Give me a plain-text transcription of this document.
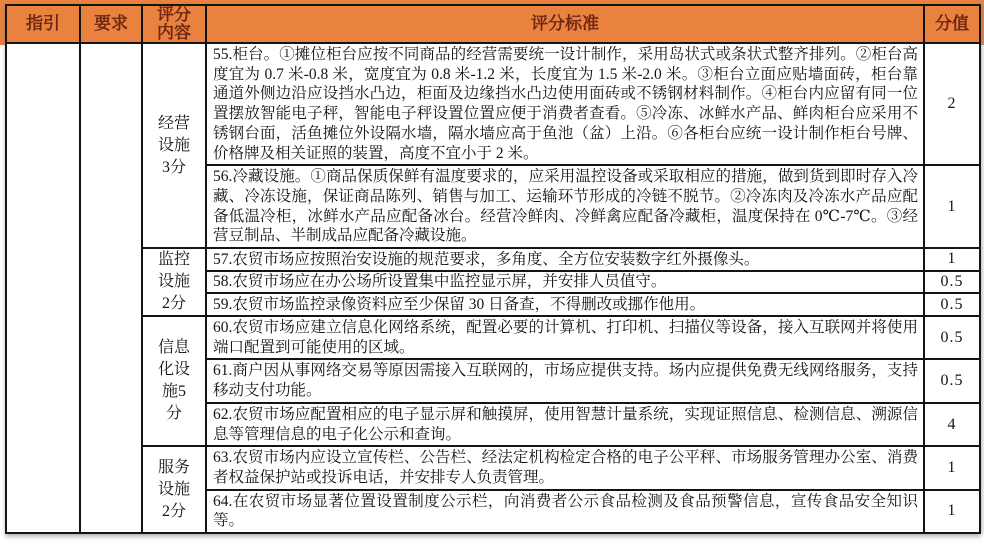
指引	要求	评分内容	评分标准	分值
		经营设施3分	55.柜台。①摊位柜台应按不同商品的经营需要统一设计制作，采用岛状式或条状式整齐排列。②柜台高度宜为 0.7 米-0.8 米，宽度宜为 0.8 米-1.2 米，长度宜为 1.5 米-2.0 米。③柜台立面应贴墙面砖，柜台靠通道外侧边沿应设挡水凸边，柜面及边缘挡水凸边使用面砖或不锈钢材料制作。④柜台内应留有同一位置摆放智能电子秤，智能电子秤设置位置应便于消费者查看。⑤冷冻、冰鲜水产品、鲜肉柜台应采用不锈钢台面，活鱼摊位外设隔水墙，隔水墙应高于鱼池（盆）上沿。⑥各柜台应统一设计制作柜台号牌、价格牌及相关证照的装置，高度不宜小于 2 米。	2
			56.冷藏设施。①商品保质保鲜有温度要求的，应采用温控设备或采取相应的措施，做到货到即时存入冷藏、冷冻设施，保证商品陈列、销售与加工、运输环节形成的冷链不脱节。②冷冻肉及冷冻水产品应配备低温冷柜，冰鲜水产品应配备冰台。经营冷鲜肉、冷鲜禽应配备冷藏柜，温度保持在 0℃-7℃。③经营豆制品、半制成品应配备冷藏设施。	1
		监控设施2分	57.农贸市场应按照治安设施的规范要求，多角度、全方位安装数字红外摄像头。	1
			58.农贸市场应在办公场所设置集中监控显示屏，并安排人员值守。	0.5
			59.农贸市场监控录像资料应至少保留 30 日备查，不得删改或挪作他用。	0.5
		信息化设施5分	60.农贸市场应建立信息化网络系统，配置必要的计算机、打印机、扫描仪等设备，接入互联网并将使用端口配置到可能使用的区域。	0.5
			61.商户因从事网络交易等原因需接入互联网的，市场应提供支持。场内应提供免费无线网络服务，支持移动支付功能。	0.5
			62.农贸市场应配置相应的电子显示屏和触摸屏，使用智慧计量系统，实现证照信息、检测信息、溯源信息等管理信息的电子化公示和查询。	4
		服务设施2分	63.农贸市场内应设立宣传栏、公告栏、经法定机构检定合格的电子公平秤、市场服务管理办公室、消费者权益保护站或投诉电话，并安排专人负责管理。	1
			64.在农贸市场显著位置设置制度公示栏，向消费者公示食品检测及食品预警信息，宣传食品安全知识等。	1
